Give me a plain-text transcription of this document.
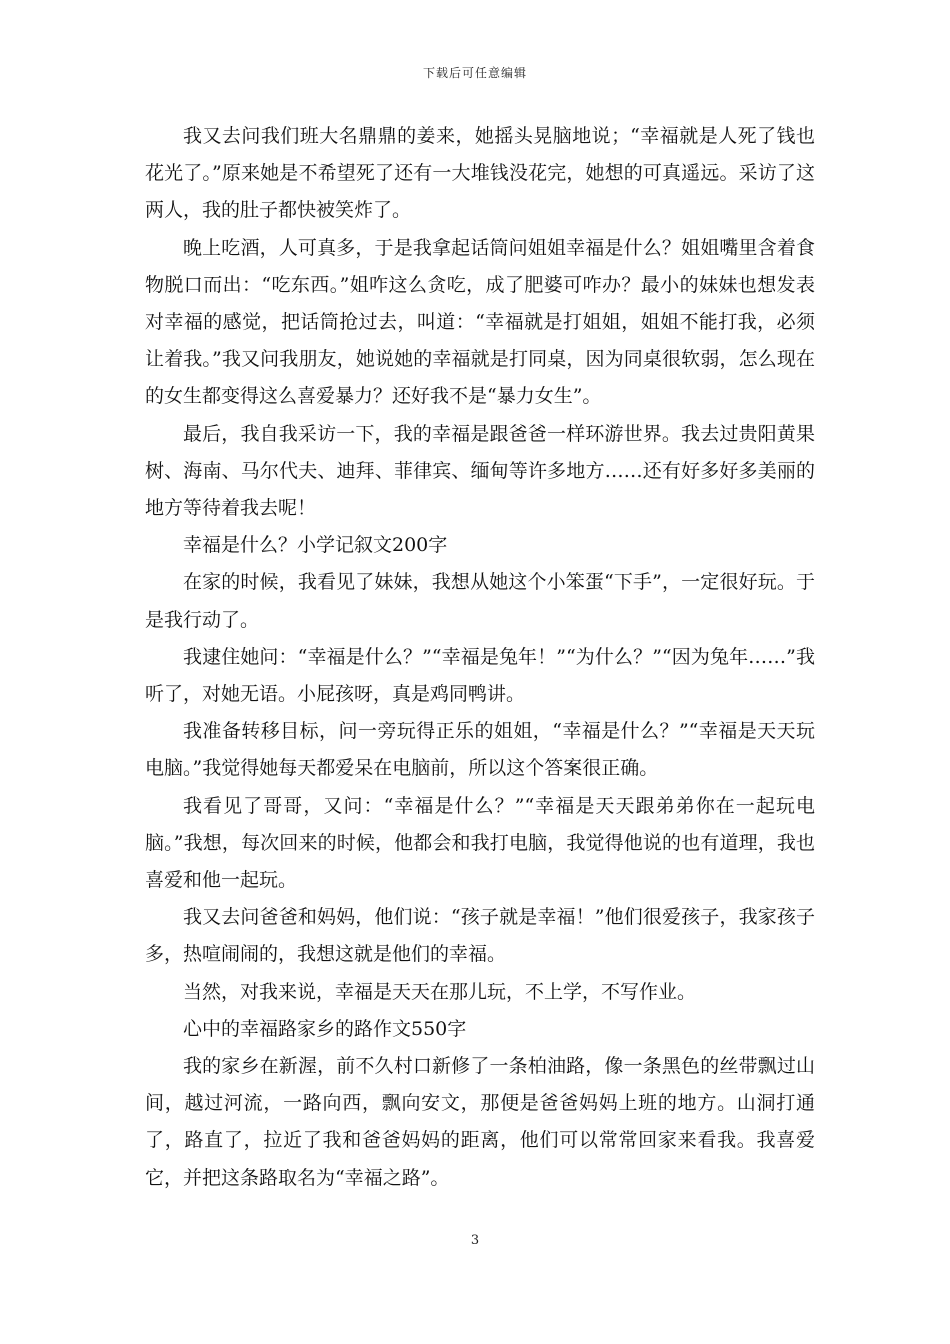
下载后可任意编辑

我又去问我们班大名鼎鼎的姜来，她摇头晃脑地说；“幸福就是人死了钱也花光了。”原来她是不希望死了还有一大堆钱没花完，她想的可真遥远。采访了这两人，我的肚子都快被笑炸了。

晚上吃酒，人可真多，于是我拿起话筒问姐姐幸福是什么？姐姐嘴里含着食物脱口而出：“吃东西。”姐咋这么贪吃，成了肥婆可咋办？最小的妹妹也想发表对幸福的感觉，把话筒抢过去，叫道：“幸福就是打姐姐，姐姐不能打我，必须让着我。”我又问我朋友，她说她的幸福就是打同桌，因为同桌很软弱，怎么现在的女生都变得这么喜爱暴力？还好我不是“暴力女生”。

最后，我自我采访一下，我的幸福是跟爸爸一样环游世界。我去过贵阳黄果树、海南、马尔代夫、迪拜、菲律宾、缅甸等许多地方……还有好多好多美丽的地方等待着我去呢！

幸福是什么？小学记叙文200字

在家的时候，我看见了妹妹，我想从她这个小笨蛋“下手”，一定很好玩。于是我行动了。

我逮住她问：“幸福是什么？”“幸福是兔年！”“为什么？”“因为兔年……”我听了，对她无语。小屁孩呀，真是鸡同鸭讲。

我准备转移目标，问一旁玩得正乐的姐姐，“幸福是什么？”“幸福是天天玩电脑。”我觉得她每天都爱呆在电脑前，所以这个答案很正确。

我看见了哥哥，又问：“幸福是什么？”“幸福是天天跟弟弟你在一起玩电脑。”我想，每次回来的时候，他都会和我打电脑，我觉得他说的也有道理，我也喜爱和他一起玩。

我又去问爸爸和妈妈，他们说：“孩子就是幸福！”他们很爱孩子，我家孩子多，热喧闹闹的，我想这就是他们的幸福。

当然，对我来说，幸福是天天在那儿玩，不上学，不写作业。

心中的幸福路家乡的路作文550字

我的家乡在新渥，前不久村口新修了一条柏油路，像一条黑色的丝带飘过山间，越过河流，一路向西，飘向安文，那便是爸爸妈妈上班的地方。山洞打通了，路直了，拉近了我和爸爸妈妈的距离，他们可以常常回家来看我。我喜爱它，并把这条路取名为“幸福之路”。

3
